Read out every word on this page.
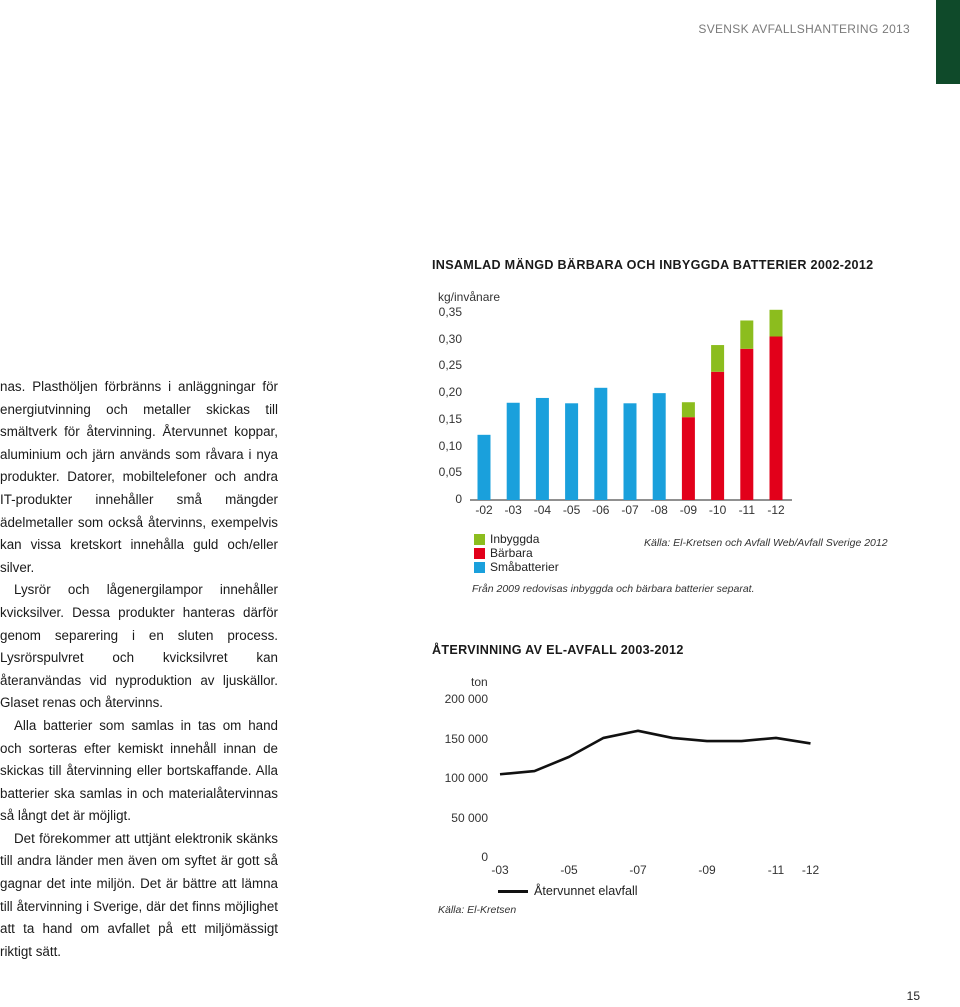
SVENSK AVFALLSHANTERING 2013

nas. Plasthöljen förbränns i anläggningar för energiutvinning och metaller skickas till smältverk för återvinning. Återvunnet koppar, aluminium och järn används som råvara i nya produkter. Datorer, mobiltelefoner och andra IT-produkter innehåller små mängder ädelmetaller som också återvinns, exempelvis kan vissa kretskort innehålla guld och/eller silver.

Lysrör och lågenergilampor innehåller kvicksilver. Dessa produkter hanteras därför genom separering i en sluten process. Lysrörspulvret och kvicksilvret kan återanvändas vid nyproduktion av ljuskällor. Glaset renas och återvinns.

Alla batterier som samlas in tas om hand och sorteras efter kemiskt innehåll innan de skickas till återvinning eller bortskaffande. Alla batterier ska samlas in och materialåtervinnas så långt det är möjligt.

Det förekommer att uttjänt elektronik skänks till andra länder men även om syftet är gott så gagnar det inte miljön. Det är bättre att lämna till återvinning i Sverige, där det finns möjlighet att ta hand om avfallet på ett miljömässigt riktigt sätt.

INSAMLAD MÄNGD BÄRBARA OCH INBYGGDA BATTERIER 2002-2012
kg/invånare
0
0,05
0,10
0,15
0,20
0,25
0,30
0,35
-02 -03 -04 -05 -06 -07 -08 -09 -10	-11	-12
Inbyggda
Bärbara
Småbatterier
Källa: El-Kretsen och Avfall Web/Avfall Sverige 2012
Från 2009 redovisas inbyggda och bärbara batterier separat.
ÅTERVINNING AV EL-AVFALL 2003-2012
ton
0
50 000
100 000
150 000
200 000
-03	-05	-07	-09	-11	-12
Återvunnet elavfall
Källa: El-Kretsen
15
